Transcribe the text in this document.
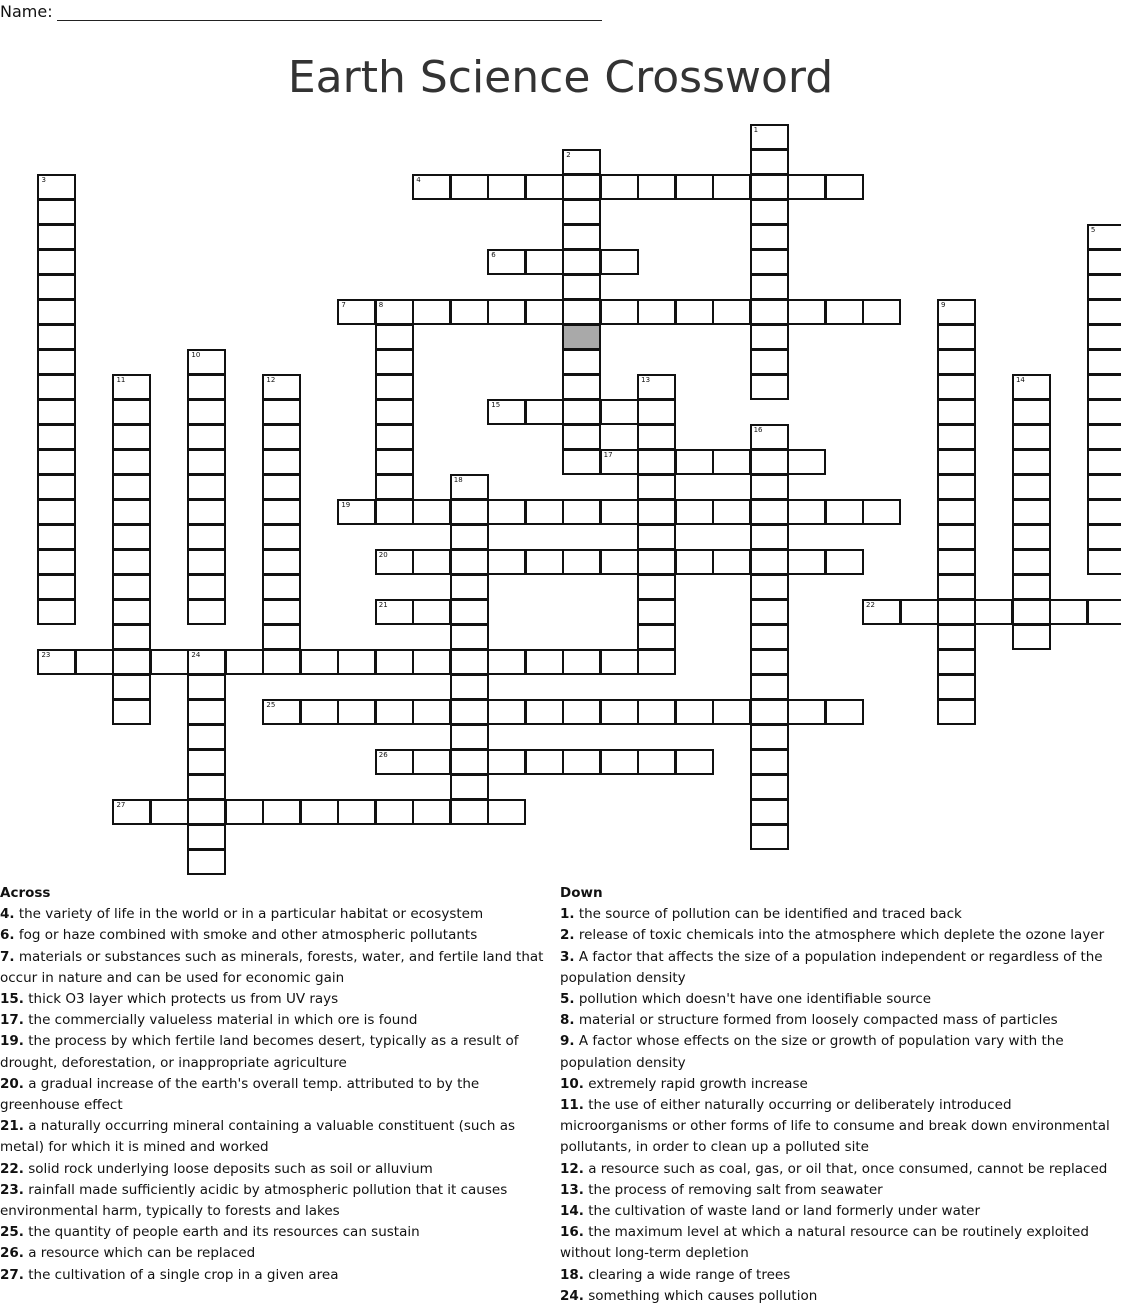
Name:
Earth Science Crossword
1
2
3	4
5
6
7	8	9
10
11	12	13	14
15
16
17
18
19
20
21	22
23	24
25
26
27
Across
4. the variety of life in the world or in a particular habitat or ecosystem
6. fog or haze combined with smoke and other atmospheric pollutants
7. materials or substances such as minerals, forests, water, and fertile land that occur in nature and can be used for economic gain
15. thick O3 layer which protects us from UV rays
17. the commercially valueless material in which ore is found
19. the process by which fertile land becomes desert, typically as a result of drought, deforestation, or inappropriate agriculture
20. a gradual increase of the earth's overall temp. attributed to by the greenhouse effect
21. a naturally occurring mineral containing a valuable constituent (such as metal) for which it is mined and worked
22. solid rock underlying loose deposits such as soil or alluvium
23. rainfall made sufficiently acidic by atmospheric pollution that it causes environmental harm, typically to forests and lakes
25. the quantity of people earth and its resources can sustain
26. a resource which can be replaced
27. the cultivation of a single crop in a given area
Down
1. the source of pollution can be identified and traced back
2. release of toxic chemicals into the atmosphere which deplete the ozone layer
3. A factor that affects the size of a population independent or regardless of the population density
5. pollution which doesn't have one identifiable source
8. material or structure formed from loosely compacted mass of particles
9. A factor whose effects on the size or growth of population vary with the population density
10. extremely rapid growth increase
11. the use of either naturally occurring or deliberately introduced microorganisms or other forms of life to consume and break down environmental pollutants, in order to clean up a polluted site
12. a resource such as coal, gas, or oil that, once consumed, cannot be replaced
13. the process of removing salt from seawater
14. the cultivation of waste land or land formerly under water
16. the maximum level at which a natural resource can be routinely exploited without long-term depletion
18. clearing a wide range of trees
24. something which causes pollution
